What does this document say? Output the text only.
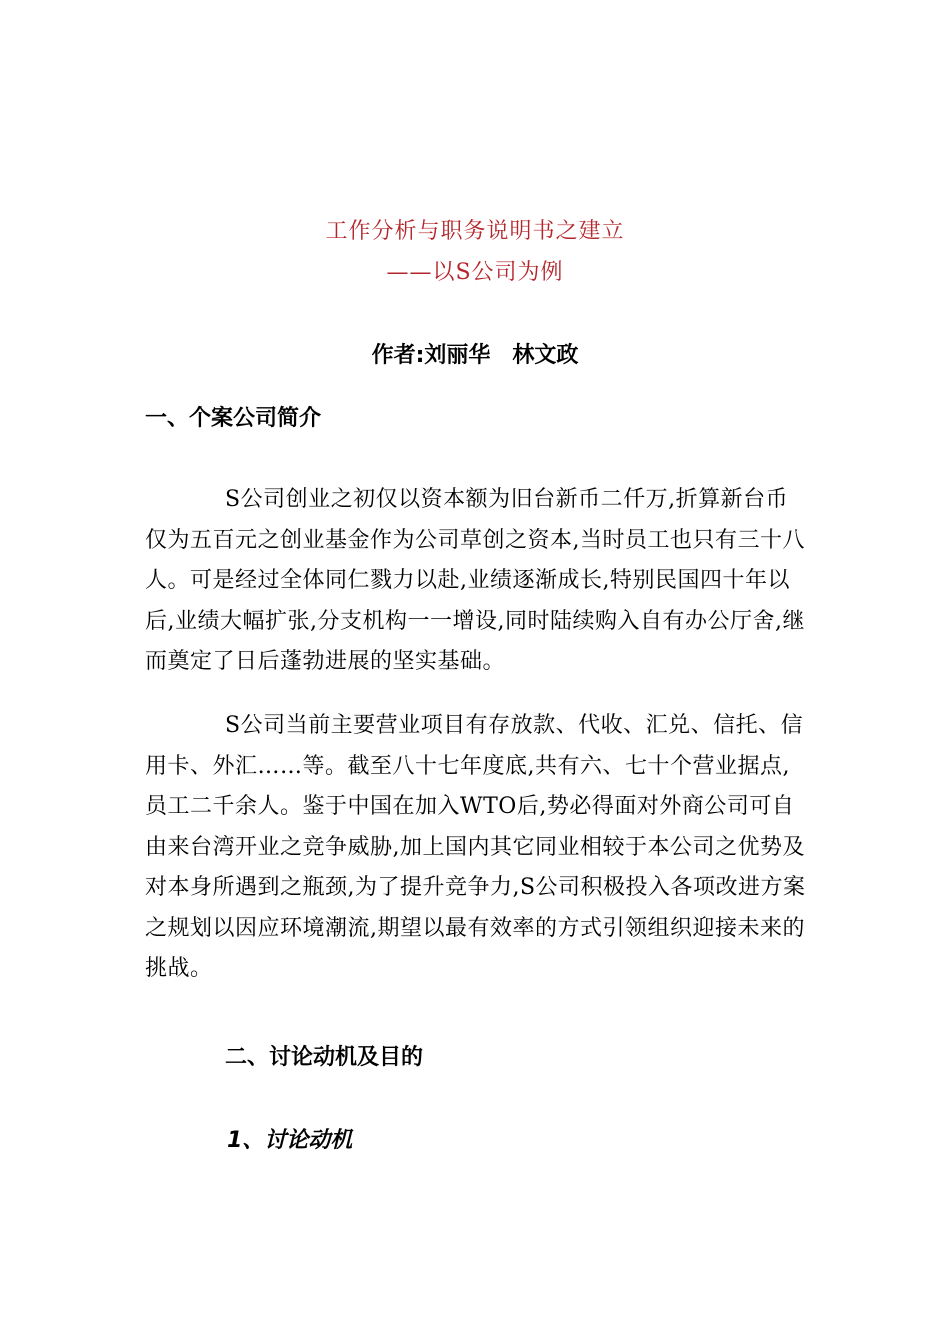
工作分析与职务说明书之建立
——以S公司为例
作者:刘丽华　林文政
一、个案公司简介

S公司创业之初仅以资本额为旧台新币二仟万,折算新台币仅为五百元之创业基金作为公司草创之资本,当时员工也只有三十八人。可是经过全体同仁戮力以赴,业绩逐渐成长,特别民国四十年以后,业绩大幅扩张,分支机构一一增设,同时陆续购入自有办公厅舍,继而奠定了日后蓬勃进展的坚实基础。

S公司当前主要营业项目有存放款、代收、汇兑、信托、信用卡、外汇……等。截至八十七年度底,共有六、七十个营业据点,员工二千余人。鉴于中国在加入WTO后,势必得面对外商公司可自由来台湾开业之竞争威胁,加上国内其它同业相较于本公司之优势及对本身所遇到之瓶颈,为了提升竞争力,S公司积极投入各项改进方案之规划以因应环境潮流,期望以最有效率的方式引领组织迎接未来的挑战。

二、讨论动机及目的
1、讨论动机
